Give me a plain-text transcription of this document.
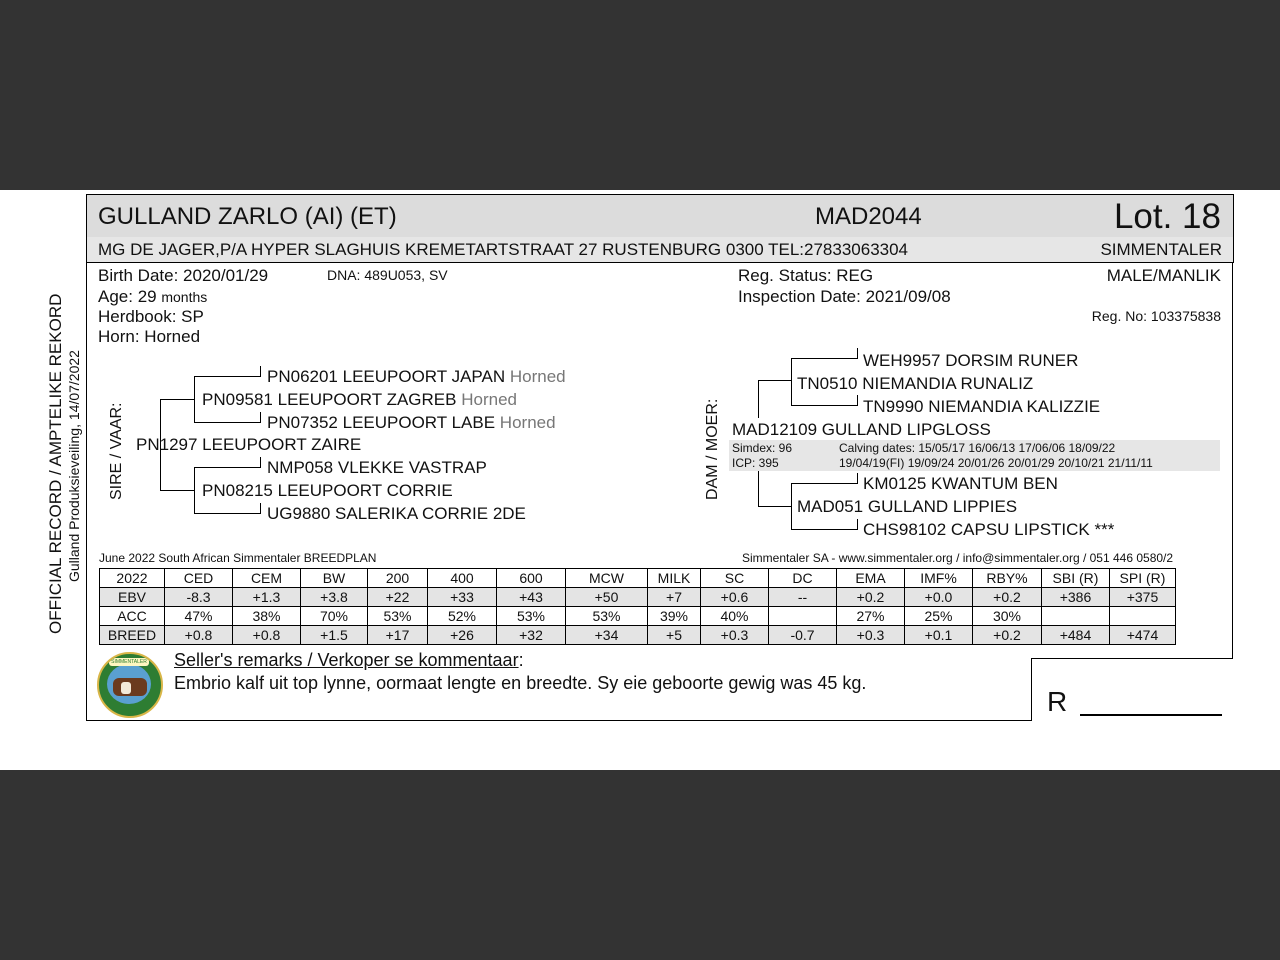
OFFICIAL RECORD / AMPTELIKE REKORD Gulland Produksieveiling, 14/07/2022
GULLAND ZARLO (AI) (ET)	MAD2044	Lot. 18
MG DE JAGER,P/A HYPER SLAGHUIS KREMETARTSTRAAT 27 RUSTENBURG 0300 TEL:27833063304	SIMMENTALER
Birth Date: 2020/01/29	DNA: 489U053, SV
Age: 29 months
Herdbook: SP
Horn: Horned
Reg. Status: REG
Inspection Date: 2021/09/08
MALE/MANLIK
Reg. No: 103375838
SIRE / VAAR:
PN06201 LEEUPOORT JAPAN Horned
PN09581 LEEUPOORT ZAGREB Horned
PN07352 LEEUPOORT LABE Horned
PN1297 LEEUPOORT ZAIRE
NMP058 VLEKKE VASTRAP
PN08215 LEEUPOORT CORRIE
UG9880 SALERIKA CORRIE 2DE
DAM / MOER:
WEH9957 DORSIM RUNER
TN0510 NIEMANDIA RUNALIZ
TN9990 NIEMANDIA KALIZZIE
MAD12109 GULLAND LIPGLOSS
Simdex: 96
ICP: 395
Calving dates: 15/05/17 16/06/13 17/06/06 18/09/22
19/04/19(FI) 19/09/24 20/01/26 20/01/29 20/10/21 21/11/11
KM0125 KWANTUM BEN
MAD051 GULLAND LIPPIES
CHS98102 CAPSU LIPSTICK ***
June 2022 South African Simmentaler BREEDPLAN	Simmentaler SA - www.simmentaler.org / info@simmentaler.org / 051 446 0580/2
2022	CED	CEM	BW	200	400	600	MCW	MILK	SC	DC	EMA	IMF%	RBY%	SBI (R)	SPI (R)
EBV	-8.3	+1.3	+3.8	+22	+33	+43	+50	+7	+0.6	--	+0.2	+0.0	+0.2	+386	+375
ACC	47%	38%	70%	53%	52%	53%	53%	39%	40%		27%	25%	30%		
BREED	+0.8	+0.8	+1.5	+17	+26	+32	+34	+5	+0.3	-0.7	+0.3	+0.1	+0.2	+484	+474
SIMMENTALER Seller's remarks / Verkoper se kommentaar:
Embrio kalf uit top lynne, oormaat lengte en breedte. Sy eie geboorte gewig was 45 kg.
R
